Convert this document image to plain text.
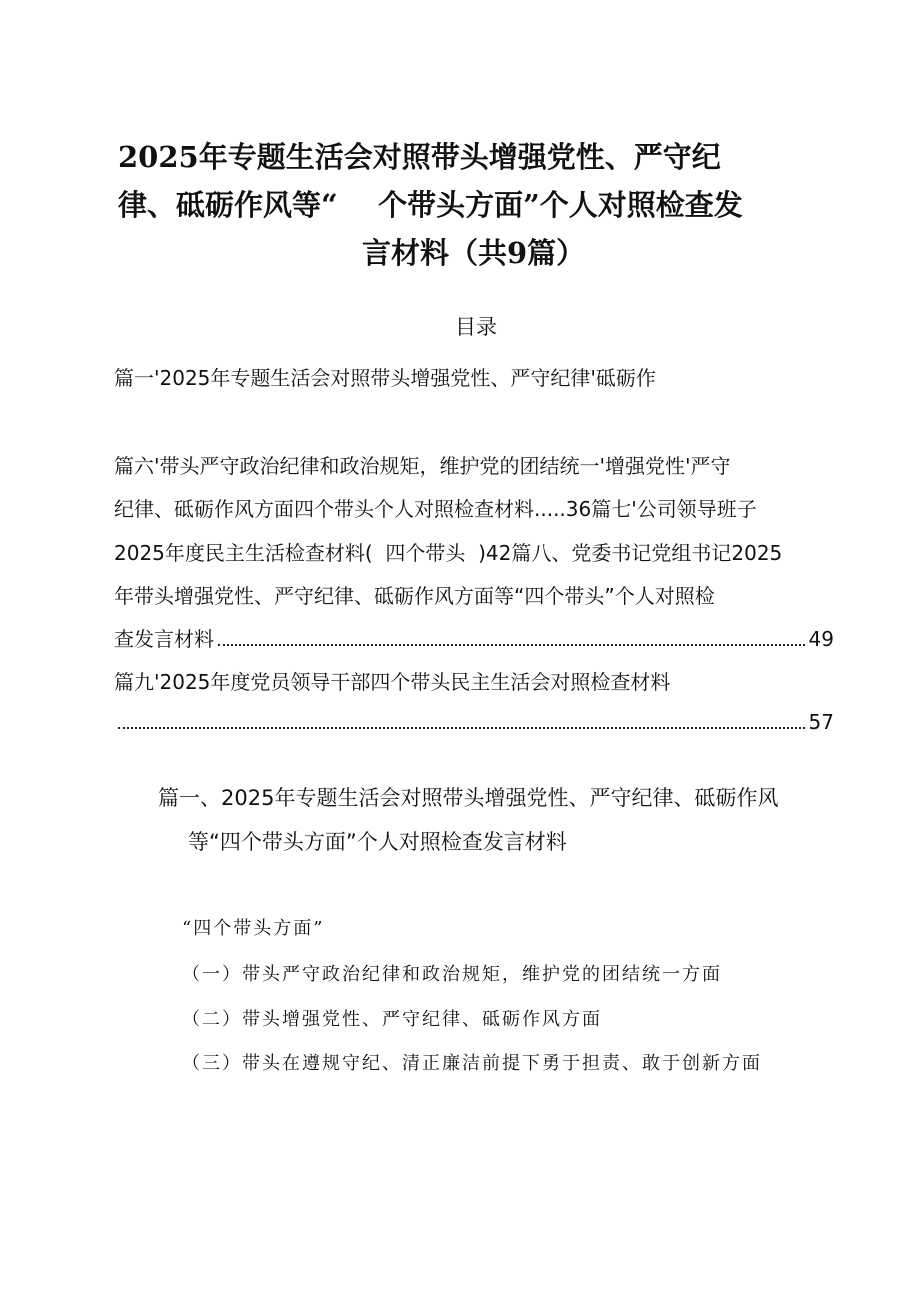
2025年专题生活会对照带头增强党性、严守纪
律、砥砺作风等“    个带头方面”个人对照检查发
言材料（共9篇）
目录
篇一'2025年专题生活会对照带头增强党性、严守纪律'砥砺作
篇六'带头严守政治纪律和政治规矩，维护党的团结统一'增强党性'严守
纪律、砥砺作风方面四个带头个人对照检查材料.....36篇七'公司领导班子
2025年度民主生活检查材料(  四个带头  )42篇八、党委书记党组书记2025
年带头增强党性、严守纪律、砥砺作风方面等“四个带头”个人对照检
查发言材料	49
篇九'2025年度党员领导干部四个带头民主生活会对照检查材料
57
篇一、2025年专题生活会对照带头增强党性、严守纪律、砥砺作风
等“四个带头方面”个人对照检查发言材料
“四个带头方面”
（一）带头严守政治纪律和政治规矩，维护党的团结统一方面
（二）带头增强党性、严守纪律、砥砺作风方面
（三）带头在遵规守纪、清正廉洁前提下勇于担责、敢于创新方面
